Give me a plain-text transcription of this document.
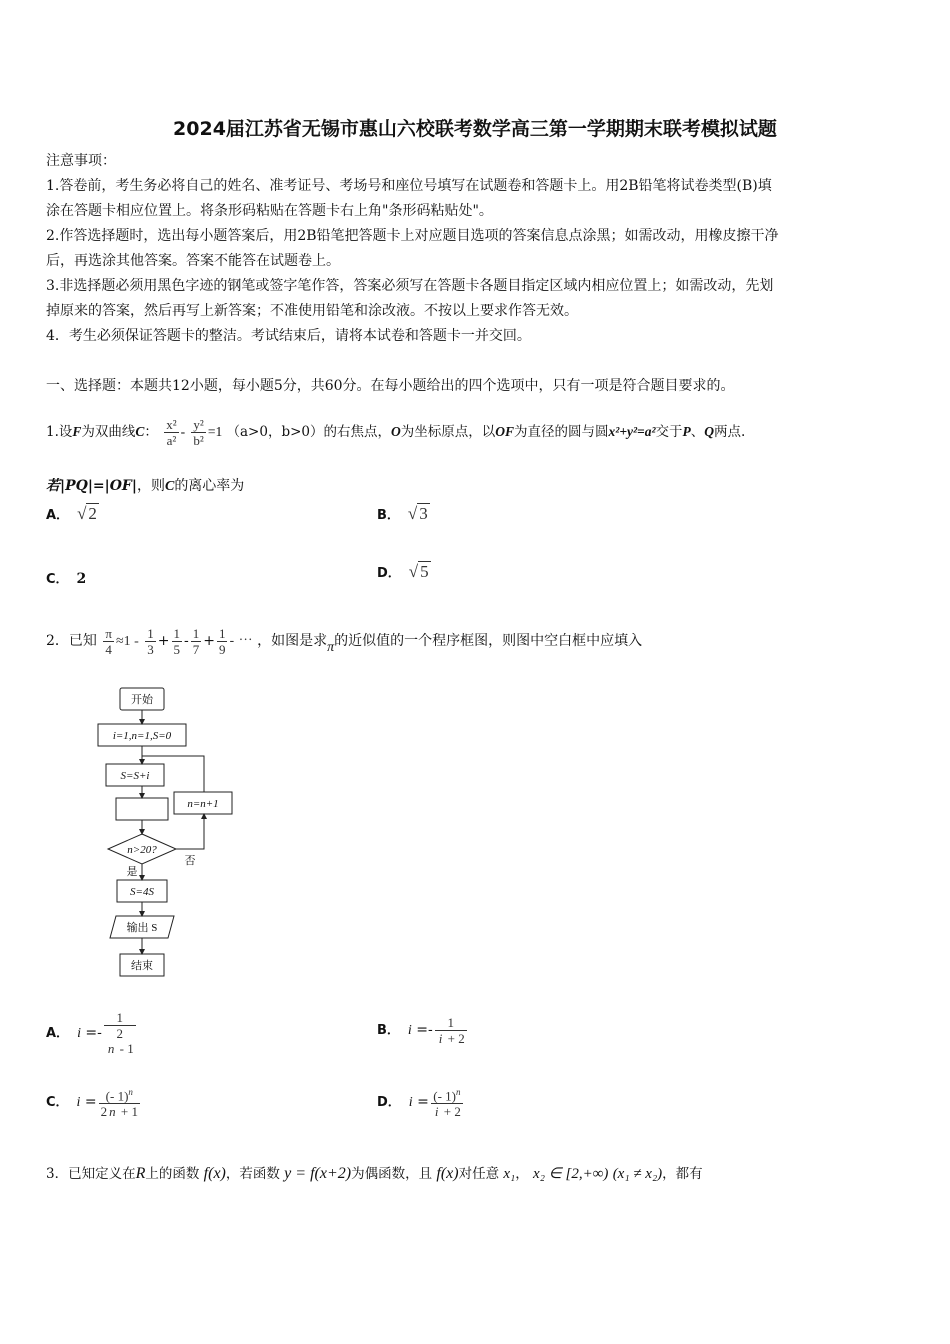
2024届江苏省无锡市惠山六校联考数学高三第一学期期末联考模拟试题
注意事项：
1.答卷前，考生务必将自己的姓名、准考证号、考场号和座位号填写在试题卷和答题卡上。用2B铅笔将试卷类型(B)填
涂在答题卡相应位置上。将条形码粘贴在答题卡右上角"条形码粘贴处"。
2.作答选择题时，选出每小题答案后，用2B铅笔把答题卡上对应题目选项的答案信息点涂黑；如需改动，用橡皮擦干净
后，再选涂其他答案。答案不能答在试题卷上。
3.非选择题必须用黑色字迹的钢笔或签字笔作答，答案必须写在答题卡各题目指定区域内相应位置上；如需改动，先划
掉原来的答案，然后再写上新答案；不准使用铅笔和涂改液。不按以上要求作答无效。
4．考生必须保证答题卡的整洁。考试结束后，请将本试卷和答题卡一并交回。
一、选择题：本题共12小题，每小题5分，共60分。在每小题给出的四个选项中，只有一项是符合题目要求的。
1.设F为双曲线C： $\frac{\text{x²}}{\text{a²}} - \frac{\text{y²}}{\text{b²}} =1$ （a>0，b>0）的右焦点，O为坐标原点，以OF为直径的圆与圆x²+y²=a²交于P、Q两点.
若|PQ|=|OF|，则C的离心率为
A． √ 2	B． √ 3
C． 2	D． √ 5
2．已知 $\frac{\pi}{4} \approx 1 - \frac{1}{3} + \frac{1}{5} - \frac{1}{7} + \frac{1}{9}$ - ⋯ ，如图是求π的近似值的一个程序框图，则图中空白框中应填入
开始
i=1,n=1,S=0
S=S+i
n=n+1
n>20?
否
是
S=4S
输出 S
结束
A． i =- 1
2
n - 1	B． $i =- \frac{1}{i + 2}$
C． $i = \frac{(- 1)^n}{2 n + 1}$	D． $i = \frac{(- 1)^n}{i + 2}$
3．已知定义在R上的函数 f(x)，若函数 y = f(x+2)为偶函数，且 f(x)对任意 x₁， x₂ ∈ [2,+∞) (x₁ ≠ x₂)，都有
